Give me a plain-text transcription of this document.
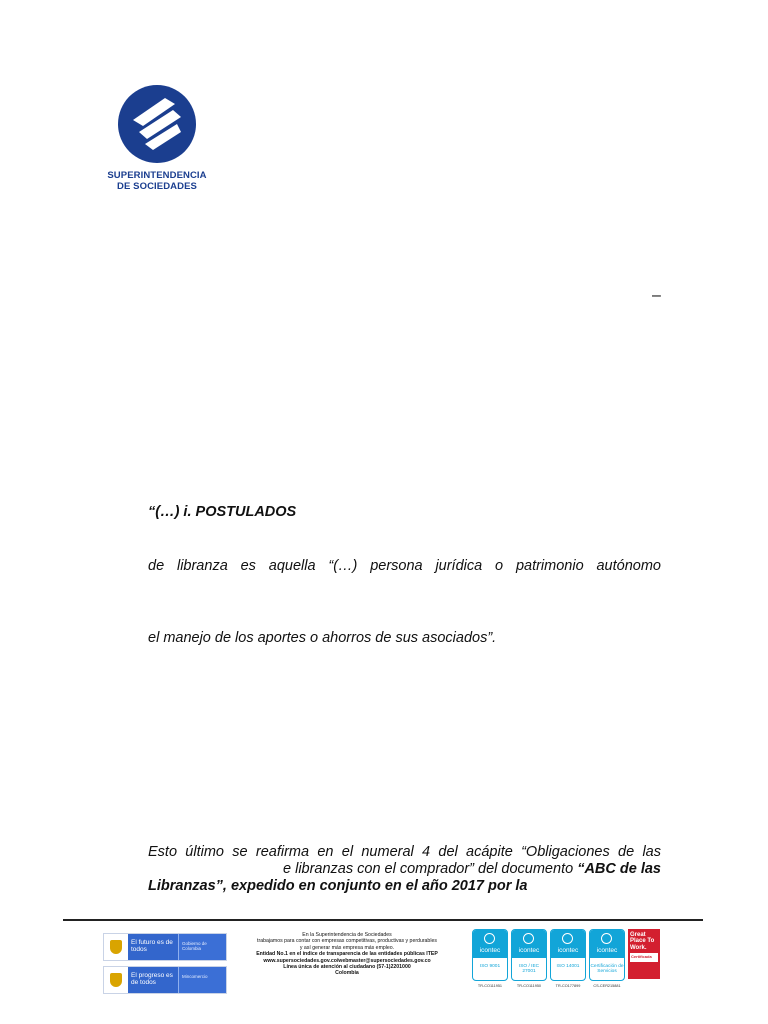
SUPERINTENDENCIA
DE SOCIEDADES
–
“(…) i. POSTULADOS
de libranza es aquella “(…) persona jurídica o patrimonio autónomo
el manejo de los aportes o ahorros de sus asociados”.
Esto último se reafirma en el numeral 4 del acápite “Obligaciones de las
e libranzas con el comprador” del documento “ABC de las
Libranzas”, expedido en conjunto en el año 2017 por la
El futuro es de todos
Gobierno de Colombia
El progreso es de todos
Mincomercio
En la Superintendencia de Sociedades
trabajamos para contar con empresas competitivas, productivas y perdurables
y así generar más empresa más empleo.
Entidad No.1 en el índice de transparencia de las entidades públicas ITEP
www.supersociedades.gov.co/webmaster@supersociedades.gov.co
Línea única de atención al ciudadano (57-1)2201000
Colombia
icontec
ISO 9001
TR-CO111951
icontec
ISO / IEC 27001
TR-CO111950
icontec
ISO 14001
TR-CO177899
icontec
Certificación de Servicios
CS-CER215881
Great Place To Work.
Certificada
